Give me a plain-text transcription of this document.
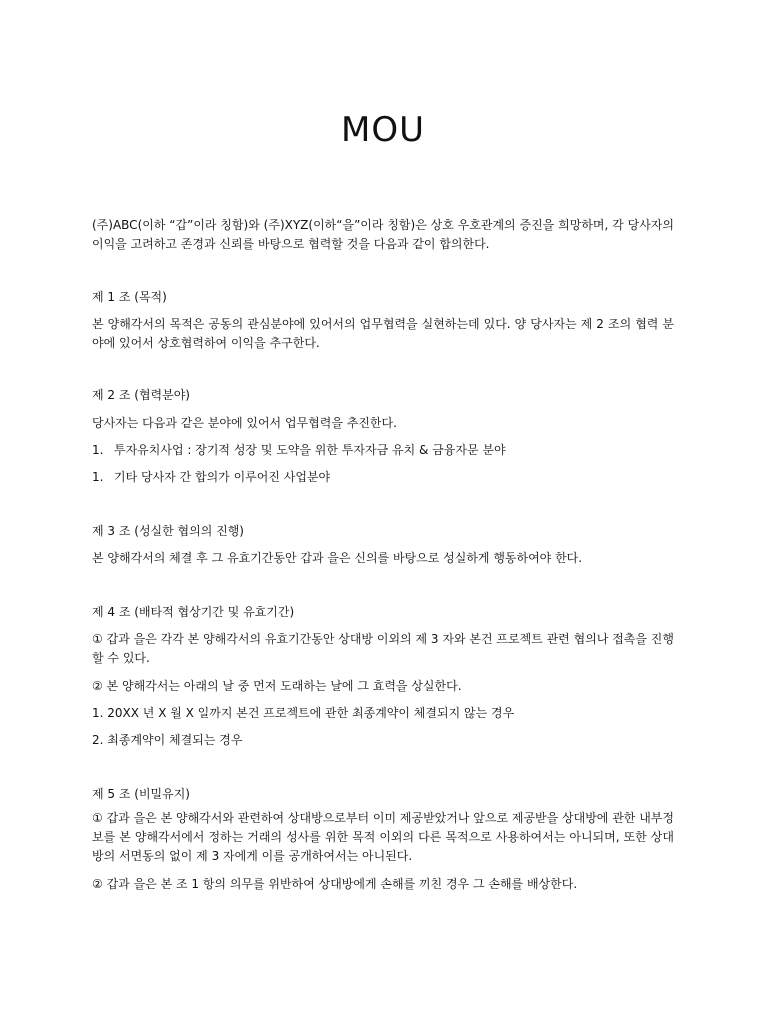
MOU
(주)ABC(이하 “갑”이라 칭함)와 (주)XYZ(이하“을”이라 칭함)은 상호 우호관계의 증진을 희망하며, 각 당사자의 이익을 고려하고 존경과 신뢰를 바탕으로 협력할 것을 다음과 같이 합의한다.
제 1 조 (목적)
본 양해각서의 목적은 공동의 관심분야에 있어서의 업무협력을 실현하는데 있다. 양 당사자는 제 2 조의 협력 분야에 있어서 상호협력하여 이익을 추구한다.
제 2 조 (협력분야)
당사자는 다음과 같은 분야에 있어서 업무협력을 추진한다.
1. 투자유치사업 : 장기적 성장 및 도약을 위한 투자자금 유치 & 금융자문 분야
1. 기타 당사자 간 합의가 이루어진 사업분야
제 3 조 (성실한 협의의 진행)
본 양해각서의 체결 후 그 유효기간동안 갑과 을은 신의를 바탕으로 성실하게 행동하여야 한다.
제 4 조 (배타적 협상기간 및 유효기간)
① 갑과 을은 각각 본 양해각서의 유효기간동안 상대방 이외의 제 3 자와 본건 프로젝트 관련 협의나 접촉을 진행할 수 있다.
② 본 양해각서는 아래의 날 중 먼저 도래하는 날에 그 효력을 상실한다.
1. 20XX 년 X 월 X 일까지 본건 프로젝트에 관한 최종계약이 체결되지 않는 경우
2. 최종계약이 체결되는 경우
제 5 조 (비밀유지)
① 갑과 을은 본 양해각서와 관련하여 상대방으로부터 이미 제공받았거나 앞으로 제공받을 상대방에 관한 내부정보를 본 양해각서에서 정하는 거래의 성사를 위한 목적 이외의 다른 목적으로 사용하여서는 아니되며, 또한 상대방의 서면동의 없이 제 3 자에게 이를 공개하여서는 아니된다.
② 갑과 을은 본 조 1 항의 의무를 위반하여 상대방에게 손해를 끼친 경우 그 손해를 배상한다.
